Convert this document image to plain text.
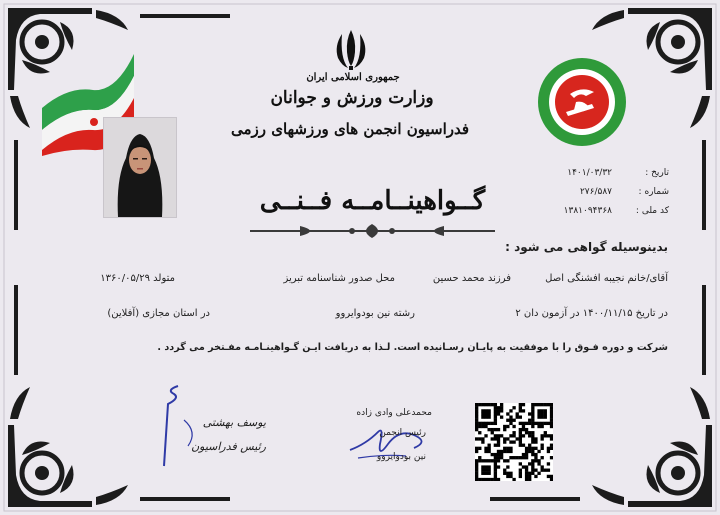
جمهوری اسلامی ایران
وزارت ورزش و جوانان
فدراسیون انجمن های ورزشهای رزمی
تاریخ :
۱۴۰۱/۰۳/۳۲
شماره :
۲۷۶/۵۸۷
کد ملی :
۱۳۸۱۰۹۴۳۶۸
گــواهینــامــه فــنــی
بدینوسیله گواهی می شود :
آقای/خانم نجیبه افشنگی اصل
فرزند محمد حسین
محل صدور شناسنامه تبریز
متولد ۱۳۶۰/۰۵/۲۹
در تاریخ ۱۴۰۰/۱۱/۱۵ در آزمون دان ۲
رشته نین بودوایروو
در استان مجازی (آفلاین)
شرکت و دوره فـوق را با موفقیت به پایـان رسـانیده است. لـذا به دریافت ایـن گـواهینـامـه مفـتخر می گردد .
یوسف بهشتی
رئیس فدراسیون
محمدعلی وادی زاده
رئیس انجمن
نین بودوایروو
